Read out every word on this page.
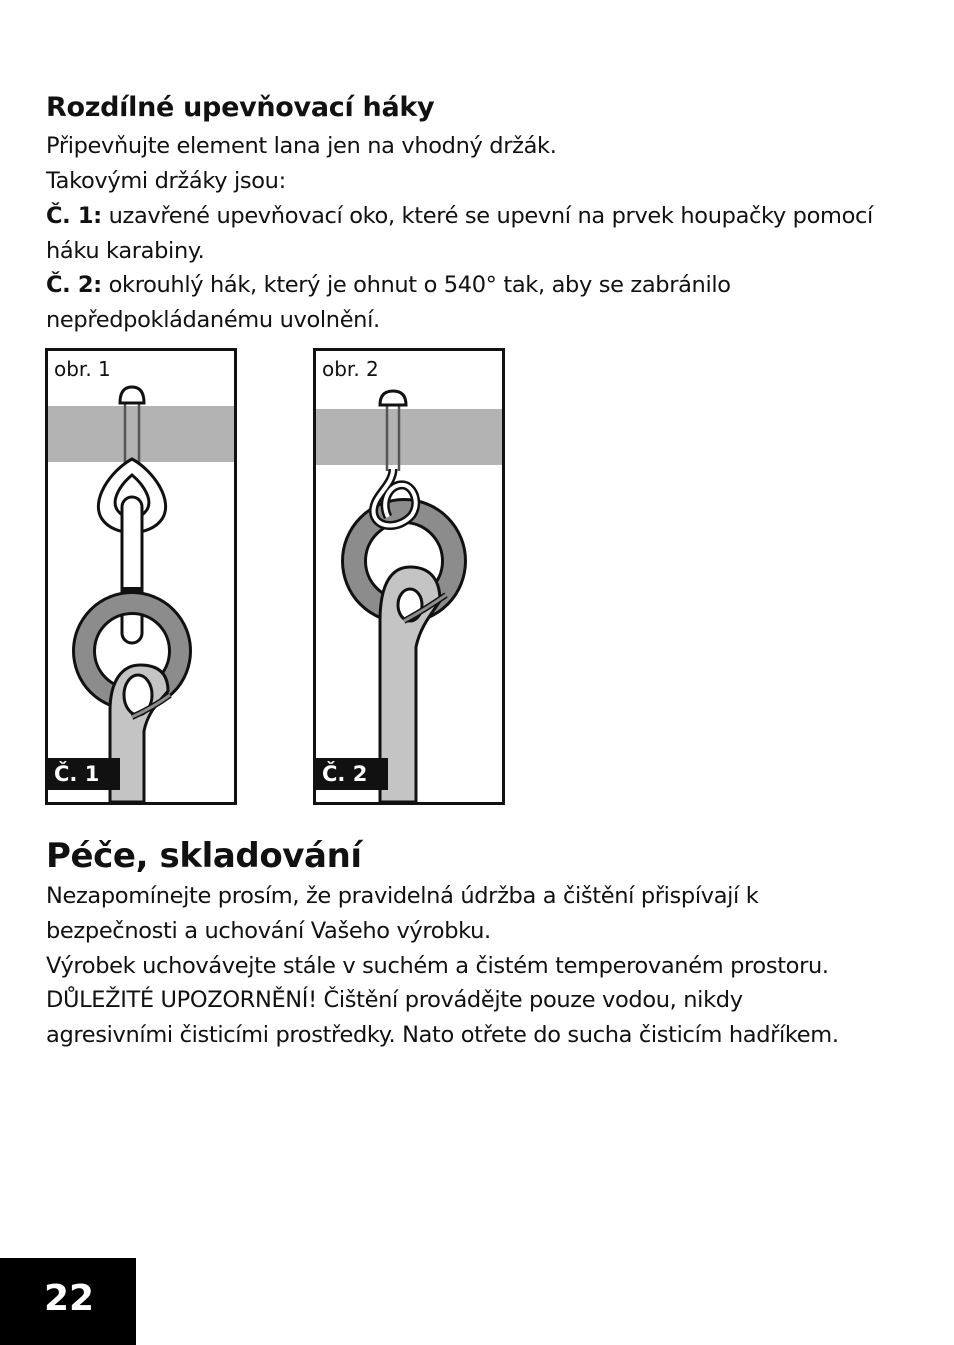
Rozdílné upevňovací háky

Připevňujte element lana jen na vhodný držák.

Takovými držáky jsou:

Č. 1: uzavřené upevňovací oko, které se upevní na prvek houpačky pomocí

háku karabiny.

Č. 2: okrouhlý hák, který je ohnut o 540° tak, aby se zabránilo

nepředpokládanému uvolnění.

obr. 1
Č. 1
obr. 2
Č. 2
Péče, skladování

Nezapomínejte prosím, že pravidelná údržba a čištění přispívají k

bezpečnosti a uchování Vašeho výrobku.

Výrobek uchovávejte stále v suchém a čistém temperovaném prostoru.

DŮLEŽITÉ UPOZORNĚNÍ! Čištění provádějte pouze vodou, nikdy

agresivními čisticími prostředky. Nato otřete do sucha čisticím hadříkem.

22
